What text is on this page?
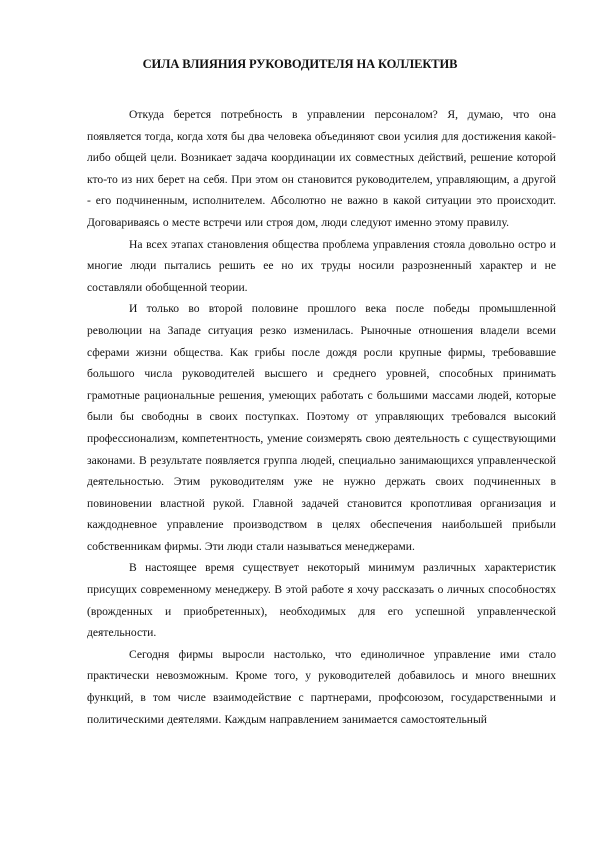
СИЛА ВЛИЯНИЯ РУКОВОДИТЕЛЯ НА КОЛЛЕКТИВ

Откуда берется потребность в управлении персоналом? Я, думаю, что она появляется тогда, когда хотя бы два человека объединяют свои усилия для достижения какой-либо общей цели. Возникает задача координации их совместных действий, решение которой кто-то из них берет на себя. При этом он становится руководителем, управляющим, а другой - его подчиненным, исполнителем. Абсолютно не важно в какой ситуации это происходит. Договариваясь о месте встречи или строя дом, люди следуют именно этому правилу.

На всех этапах становления общества проблема управления стояла довольно остро и многие люди пытались решить ее но их труды носили разрозненный характер и не составляли обобщенной теории.

И только во второй половине прошлого века после победы промышленной революции на Западе ситуация резко изменилась. Рыночные отношения владели всеми сферами жизни общества. Как грибы после дождя росли крупные фирмы, требовавшие большого числа руководителей высшего и среднего уровней, способных принимать грамотные рациональные решения, умеющих работать с большими массами людей, которые были бы свободны в своих поступках. Поэтому от управляющих требовался высокий профессионализм, компетентность, умение соизмерять свою деятельность с существующими законами. В результате появляется группа людей, специально занимающихся управленческой деятельностью. Этим руководителям уже не нужно держать своих подчиненных в повиновении властной рукой. Главной задачей становится кропотливая организация и каждодневное управление производством в целях обеспечения наибольшей прибыли собственникам фирмы. Эти люди стали называться менеджерами.

В настоящее время существует некоторый минимум различных характеристик присущих современному менеджеру. В этой работе я хочу рассказать о личных способностях (врожденных и приобретенных), необходимых для его успешной управленческой деятельности.

Сегодня фирмы выросли настолько, что единоличное управление ими стало практически невозможным. Кроме того, у руководителей добавилось и много внешних функций, в том числе взаимодействие с партнерами, профсоюзом, государственными и политическими деятелями. Каждым направлением занимается самостоятельный
